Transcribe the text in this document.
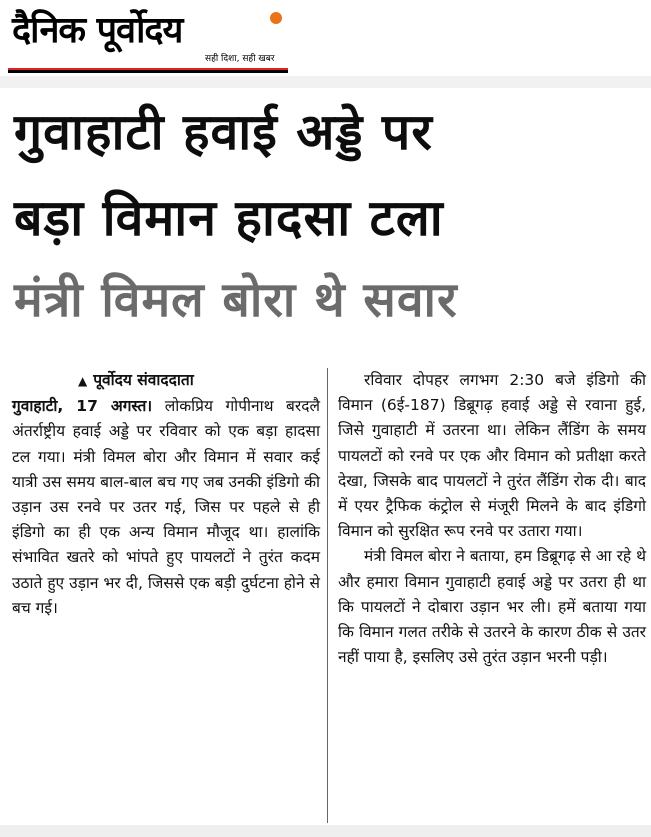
दैनिक पूर्वोदय
सही दिशा, सही खबर
गुवाहाटी हवाई अड्डे पर
बड़ा विमान हादसा टला
मंत्री विमल बोरा थे सवार
▲ पूर्वोदय संवाददाता

गुवाहाटी, 17 अगस्त। लोकप्रिय गोपीनाथ बरदलै अंतर्राष्ट्रीय हवाई अड्डे पर रविवार को एक बड़ा हादसा टल गया। मंत्री विमल बोरा और विमान में सवार कई यात्री उस समय बाल-बाल बच गए जब उनकी इंडिगो की उड़ान उस रनवे पर उतर गई, जिस पर पहले से ही इंडिगो का ही एक अन्य विमान मौजूद था। हालांकि संभावित खतरे को भांपते हुए पायलटों ने तुरंत कदम उठाते हुए उड़ान भर दी, जिससे एक बड़ी दुर्घटना होने से बच गई।

रविवार दोपहर लगभग 2:30 बजे इंडिगो की विमान (6ई-187) डिब्रूगढ़ हवाई अड्डे से रवाना हुई, जिसे गुवाहाटी में उतरना था। लेकिन लैंडिंग के समय पायलटों को रनवे पर एक और विमान को प्रतीक्षा करते देखा, जिसके बाद पायलटों ने तुरंत लैंडिंग रोक दी। बाद में एयर ट्रैफिक कंट्रोल से मंजूरी मिलने के बाद इंडिगो विमान को सुरक्षित रूप रनवे पर उतारा गया।

मंत्री विमल बोरा ने बताया, हम डिब्रूगढ़ से आ रहे थे और हमारा विमान गुवाहाटी हवाई अड्डे पर उतरा ही था कि पायलटों ने दोबारा उड़ान भर ली। हमें बताया गया कि विमान गलत तरीके से उतरने के कारण ठीक से उतर नहीं पाया है, इसलिए उसे तुरंत उड़ान भरनी पड़ी।
